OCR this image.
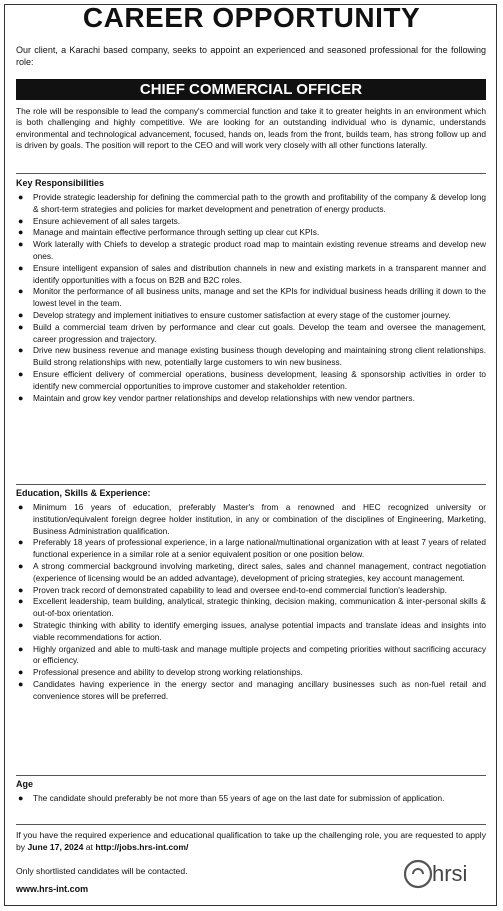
CAREER OPPORTUNITY
Our client, a Karachi based company, seeks to appoint an experienced and seasoned professional for the following role:
CHIEF COMMERCIAL OFFICER
The role will be responsible to lead the company's commercial function and take it to greater heights in an environment which is both challenging and highly competitive. We are looking for an outstanding individual who is dynamic, understands environmental and technological advancement, focused, hands on, leads from the front, builds team, has strong follow up and is driven by goals. The position will report to the CEO and will work very closely with all other functions laterally.
Key Responsibilities
● Provide strategic leadership for defining the commercial path to the growth and profitability of the company & develop long & short-term strategies and policies for market development and penetration of energy products.
● Ensure achievement of all sales targets.
● Manage and maintain effective performance through setting up clear cut KPIs.
● Work laterally with Chiefs to develop a strategic product road map to maintain existing revenue streams and develop new ones.
● Ensure intelligent expansion of sales and distribution channels in new and existing markets in a transparent manner and identify opportunities with a focus on B2B and B2C roles.
● Monitor the performance of all business units, manage and set the KPIs for individual business heads drilling it down to the lowest level in the team.
● Develop strategy and implement initiatives to ensure customer satisfaction at every stage of the customer journey.
● Build a commercial team driven by performance and clear cut goals. Develop the team and oversee the management, career progression and trajectory.
● Drive new business revenue and manage existing business though developing and maintaining strong client relationships. Build strong relationships with new, potentially large customers to win new business.
● Ensure efficient delivery of commercial operations, business development, leasing & sponsorship activities in order to identify new commercial opportunities to improve customer and stakeholder retention.
● Maintain and grow key vendor partner relationships and develop relationships with new vendor partners.
Education, Skills & Experience:
● Minimum 16 years of education, preferably Master's from a renowned and HEC recognized university or institution/equivalent foreign degree holder institution, in any or combination of the disciplines of Engineering, Marketing, Business Administration qualification.
● Preferably 18 years of professional experience, in a large national/multinational organization with at least 7 years of related functional experience in a similar role at a senior equivalent position or one position below.
● A strong commercial background involving marketing, direct sales, sales and channel management, contract negotiation (experience of licensing would be an added advantage), development of pricing strategies, key account management.
● Proven track record of demonstrated capability to lead and oversee end-to-end commercial function's leadership.
● Excellent leadership, team building, analytical, strategic thinking, decision making, communication & inter-personal skills & out-of-box orientation.
● Strategic thinking with ability to identify emerging issues, analyse potential impacts and translate ideas and insights into viable recommendations for action.
● Highly organized and able to multi-task and manage multiple projects and competing priorities without sacrificing accuracy or efficiency.
● Professional presence and ability to develop strong working relationships.
● Candidates having experience in the energy sector and managing ancillary businesses such as non-fuel retail and convenience stores will be preferred.
Age
● The candidate should preferably be not more than 55 years of age on the last date for submission of application.
If you have the required experience and educational qualification to take up the challenging role, you are requested to apply by June 17, 2024 at http://jobs.hrs-int.com/
Only shortlisted candidates will be contacted.
www.hrs-int.com
hrsi
